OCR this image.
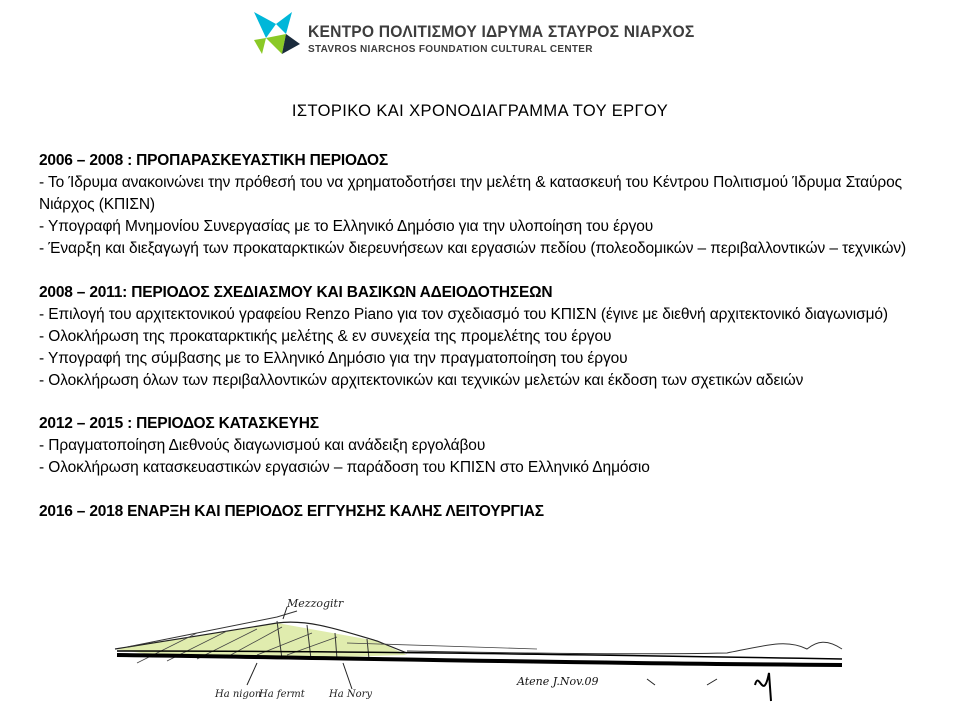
ΚΕΝΤΡΟ ΠΟΛΙΤΙΣΜΟΥ ΙΔΡΥΜΑ ΣΤΑΥΡΟΣ ΝΙΑΡΧΟΣ
STAVROS NIARCHOS FOUNDATION CULTURAL CENTER
ΙΣΤΟΡΙΚΟ ΚΑΙ ΧΡΟΝΟΔΙΑΓΡΑΜΜΑ ΤΟΥ ΕΡΓΟΥ
2006 – 2008 : ΠΡΟΠΑΡΑΣΚΕΥΑΣΤΙΚΗ ΠΕΡΙΟΔΟΣ
- Το Ίδρυμα ανακοινώνει την πρόθεσή του να χρηματοδοτήσει την μελέτη & κατασκευή του Κέντρου Πολιτισμού Ίδρυμα Σταύρος Νιάρχος (ΚΠΙΣΝ)
- Υπογραφή Μνημονίου Συνεργασίας με το Ελληνικό Δημόσιο για την υλοποίηση του έργου
- Έναρξη και διεξαγωγή των προκαταρκτικών διερευνήσεων και εργασιών πεδίου (πολεοδομικών – περιβαλλοντικών – τεχνικών)
2008 – 2011: ΠΕΡΙΟΔΟΣ ΣΧΕΔΙΑΣΜΟΥ ΚΑΙ ΒΑΣΙΚΩΝ ΑΔΕΙΟΔΟΤΗΣΕΩΝ
- Επιλογή του αρχιτεκτονικού γραφείου Renzo Piano για τον σχεδιασμό του ΚΠΙΣΝ (έγινε με διεθνή αρχιτεκτονικό διαγωνισμό)
- Ολοκλήρωση της προκαταρκτικής μελέτης & εν συνεχεία της προμελέτης του έργου
- Υπογραφή της σύμβασης με το Ελληνικό Δημόσιο για την πραγματοποίηση του έργου
- Ολοκλήρωση όλων των περιβαλλοντικών αρχιτεκτονικών και τεχνικών μελετών και έκδοση των σχετικών αδειών
2012 – 2015 : ΠΕΡΙΟΔΟΣ ΚΑΤΑΣΚΕΥΗΣ
- Πραγματοποίηση Διεθνούς διαγωνισμού και ανάδειξη εργολάβου
- Ολοκλήρωση κατασκευαστικών εργασιών – παράδοση του ΚΠΙΣΝ στο Ελληνικό Δημόσιο
2016 – 2018 ΕΝΑΡΞΗ ΚΑΙ ΠΕΡΙΟΔΟΣ ΕΓΓΥΗΣΗΣ ΚΑΛΗΣ ΛΕΙΤΟΥΡΓΙΑΣ
Mezzogitr
Atene J.Nov.09
Ha nigon
Ha fermt Ha Nory
